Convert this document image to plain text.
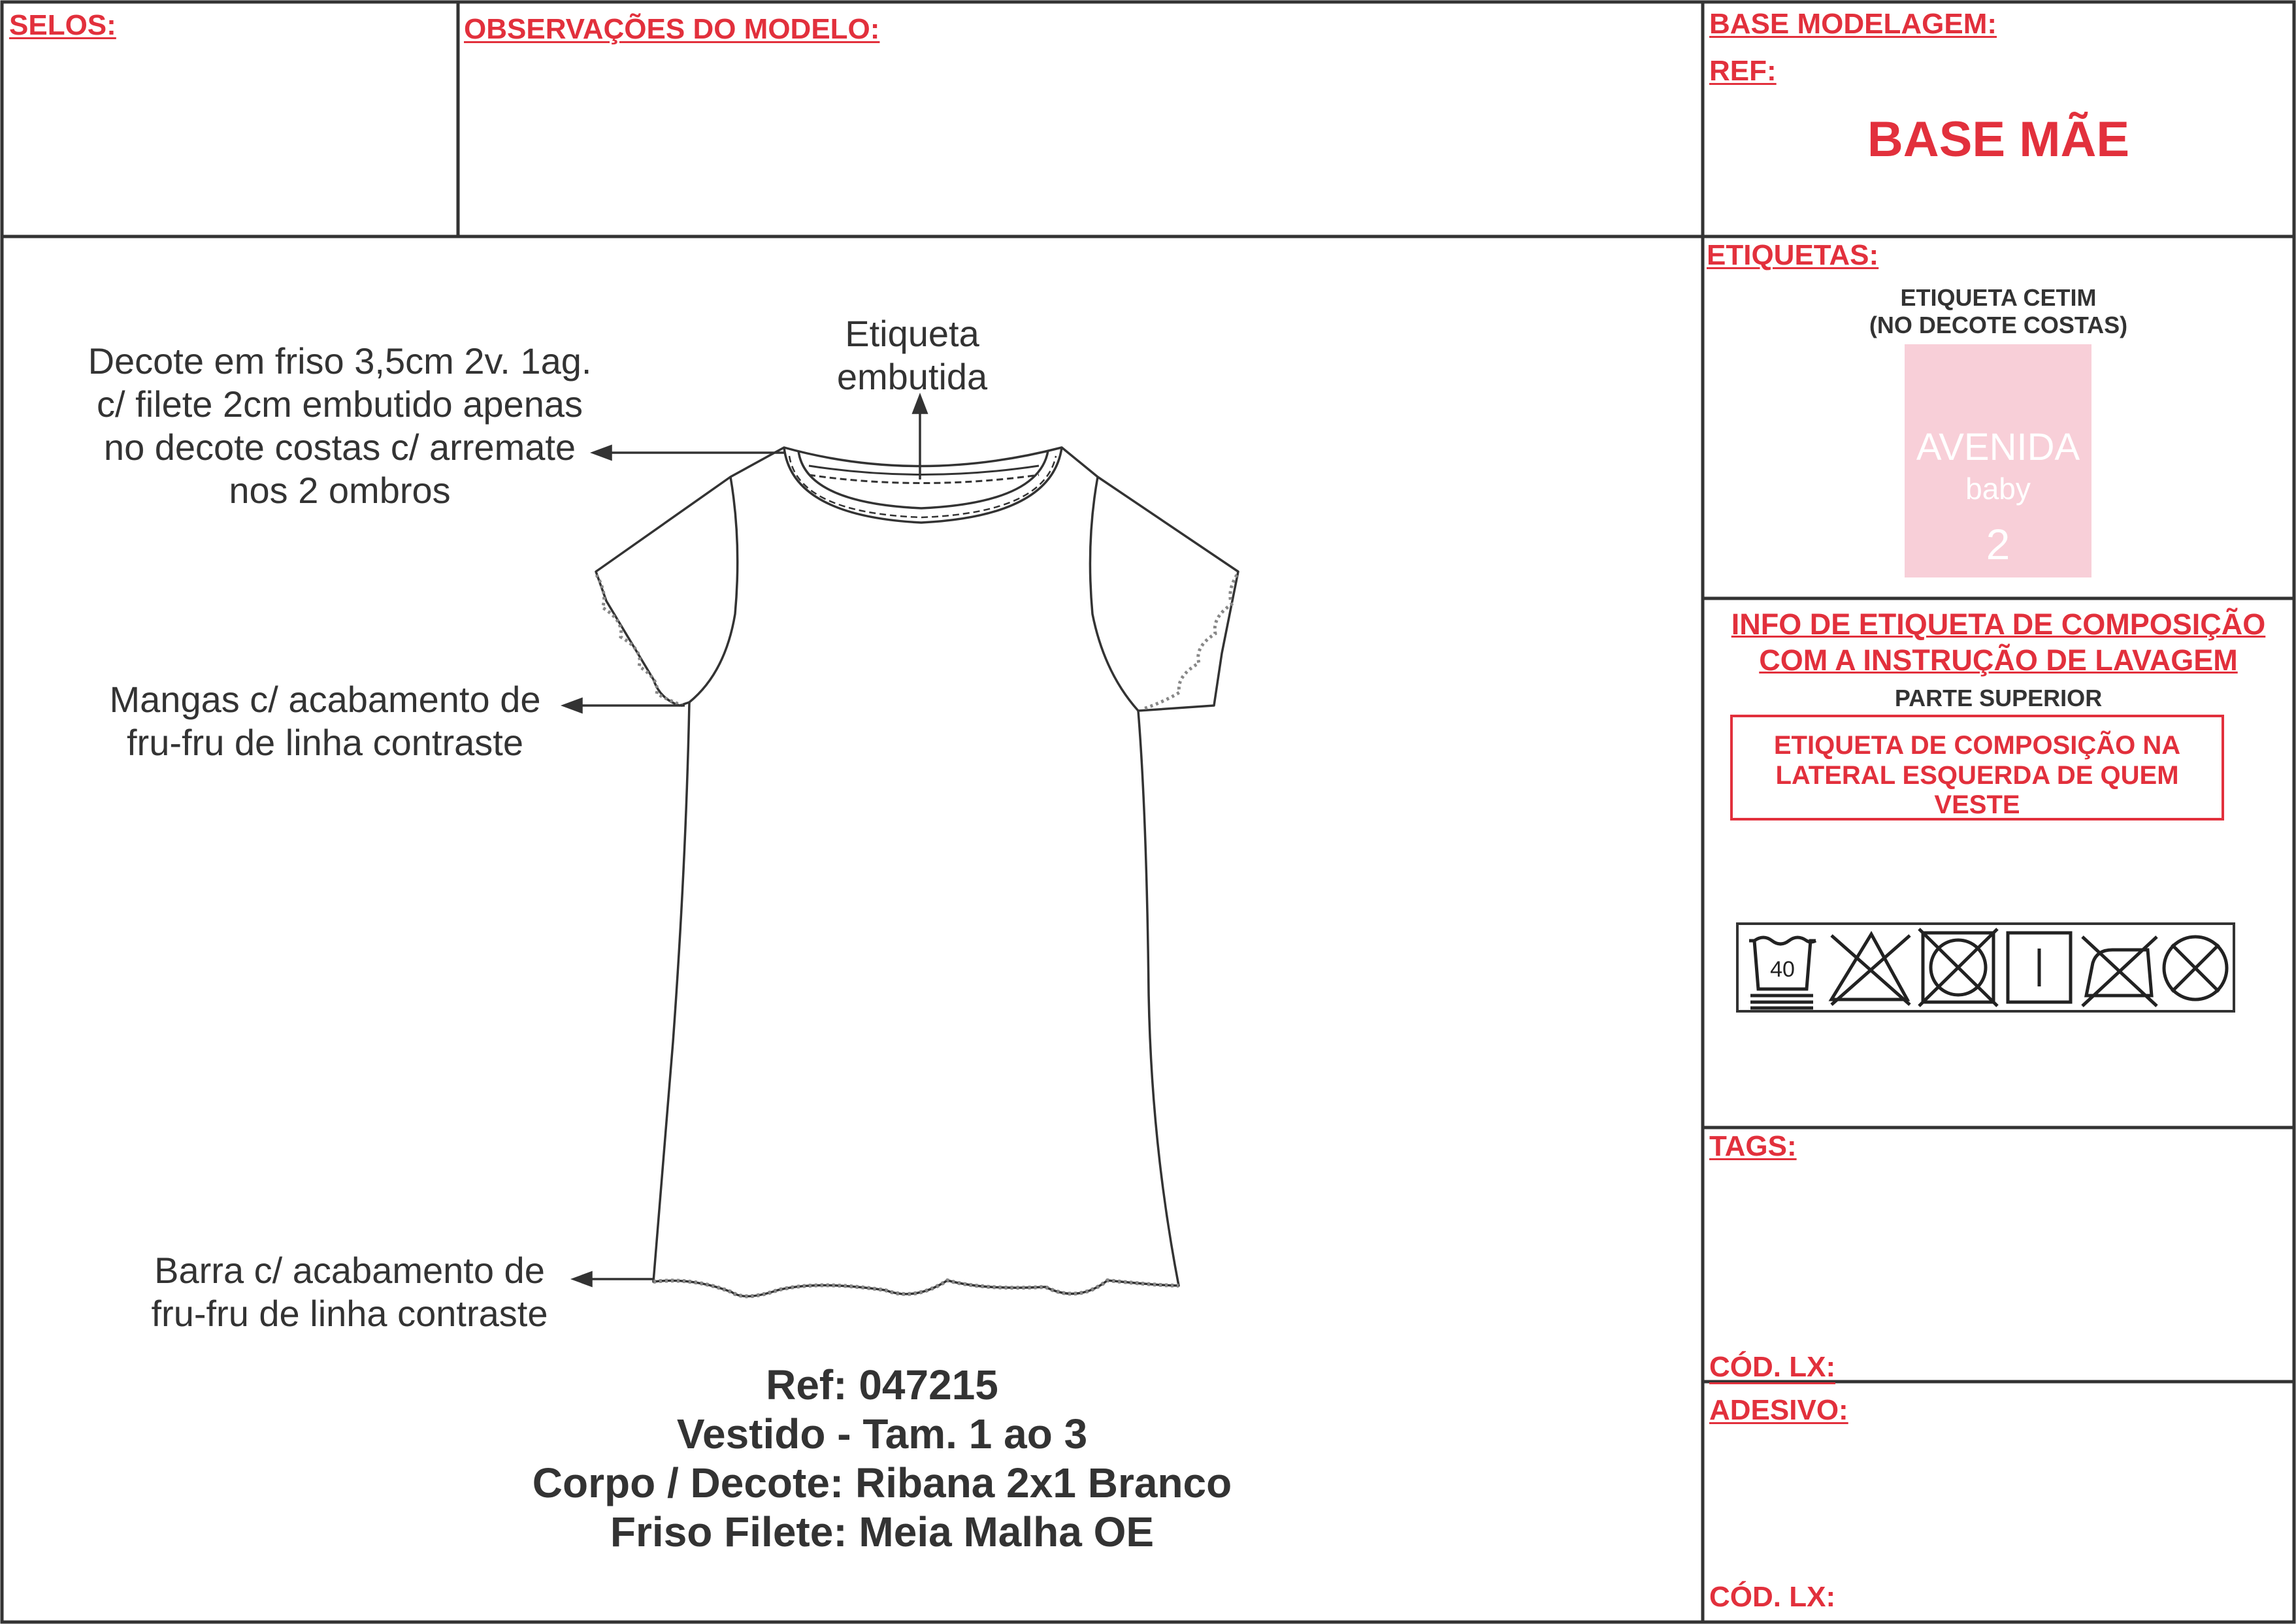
SELOS:	OBSERVAÇÕES DO MODELO:	BASE MODELAGEM:
REF:
BASE MÃE
ETIQUETAS:
ETIQUETA CETIM
(NO DECOTE COSTAS)
AVENIDA
baby
2
INFO DE ETIQUETA DE COMPOSIÇÃO
COM A INSTRUÇÃO DE LAVAGEM
PARTE SUPERIOR
ETIQUETA DE COMPOSIÇÃO NA
LATERAL ESQUERDA DE QUEM
VESTE
40
TAGS:
CÓD. LX:
ADESIVO:
CÓD. LX:
Etiqueta
embutida
Decote em friso 3,5cm 2v. 1ag.
c/ filete 2cm embutido apenas
no decote costas c/ arremate
nos 2 ombros
Mangas c/ acabamento de
fru-fru de linha contraste
Barra c/ acabamento de
fru-fru de linha contraste
Ref: 047215
Vestido - Tam. 1 ao 3
Corpo / Decote: Ribana 2x1 Branco
Friso Filete: Meia Malha OE
